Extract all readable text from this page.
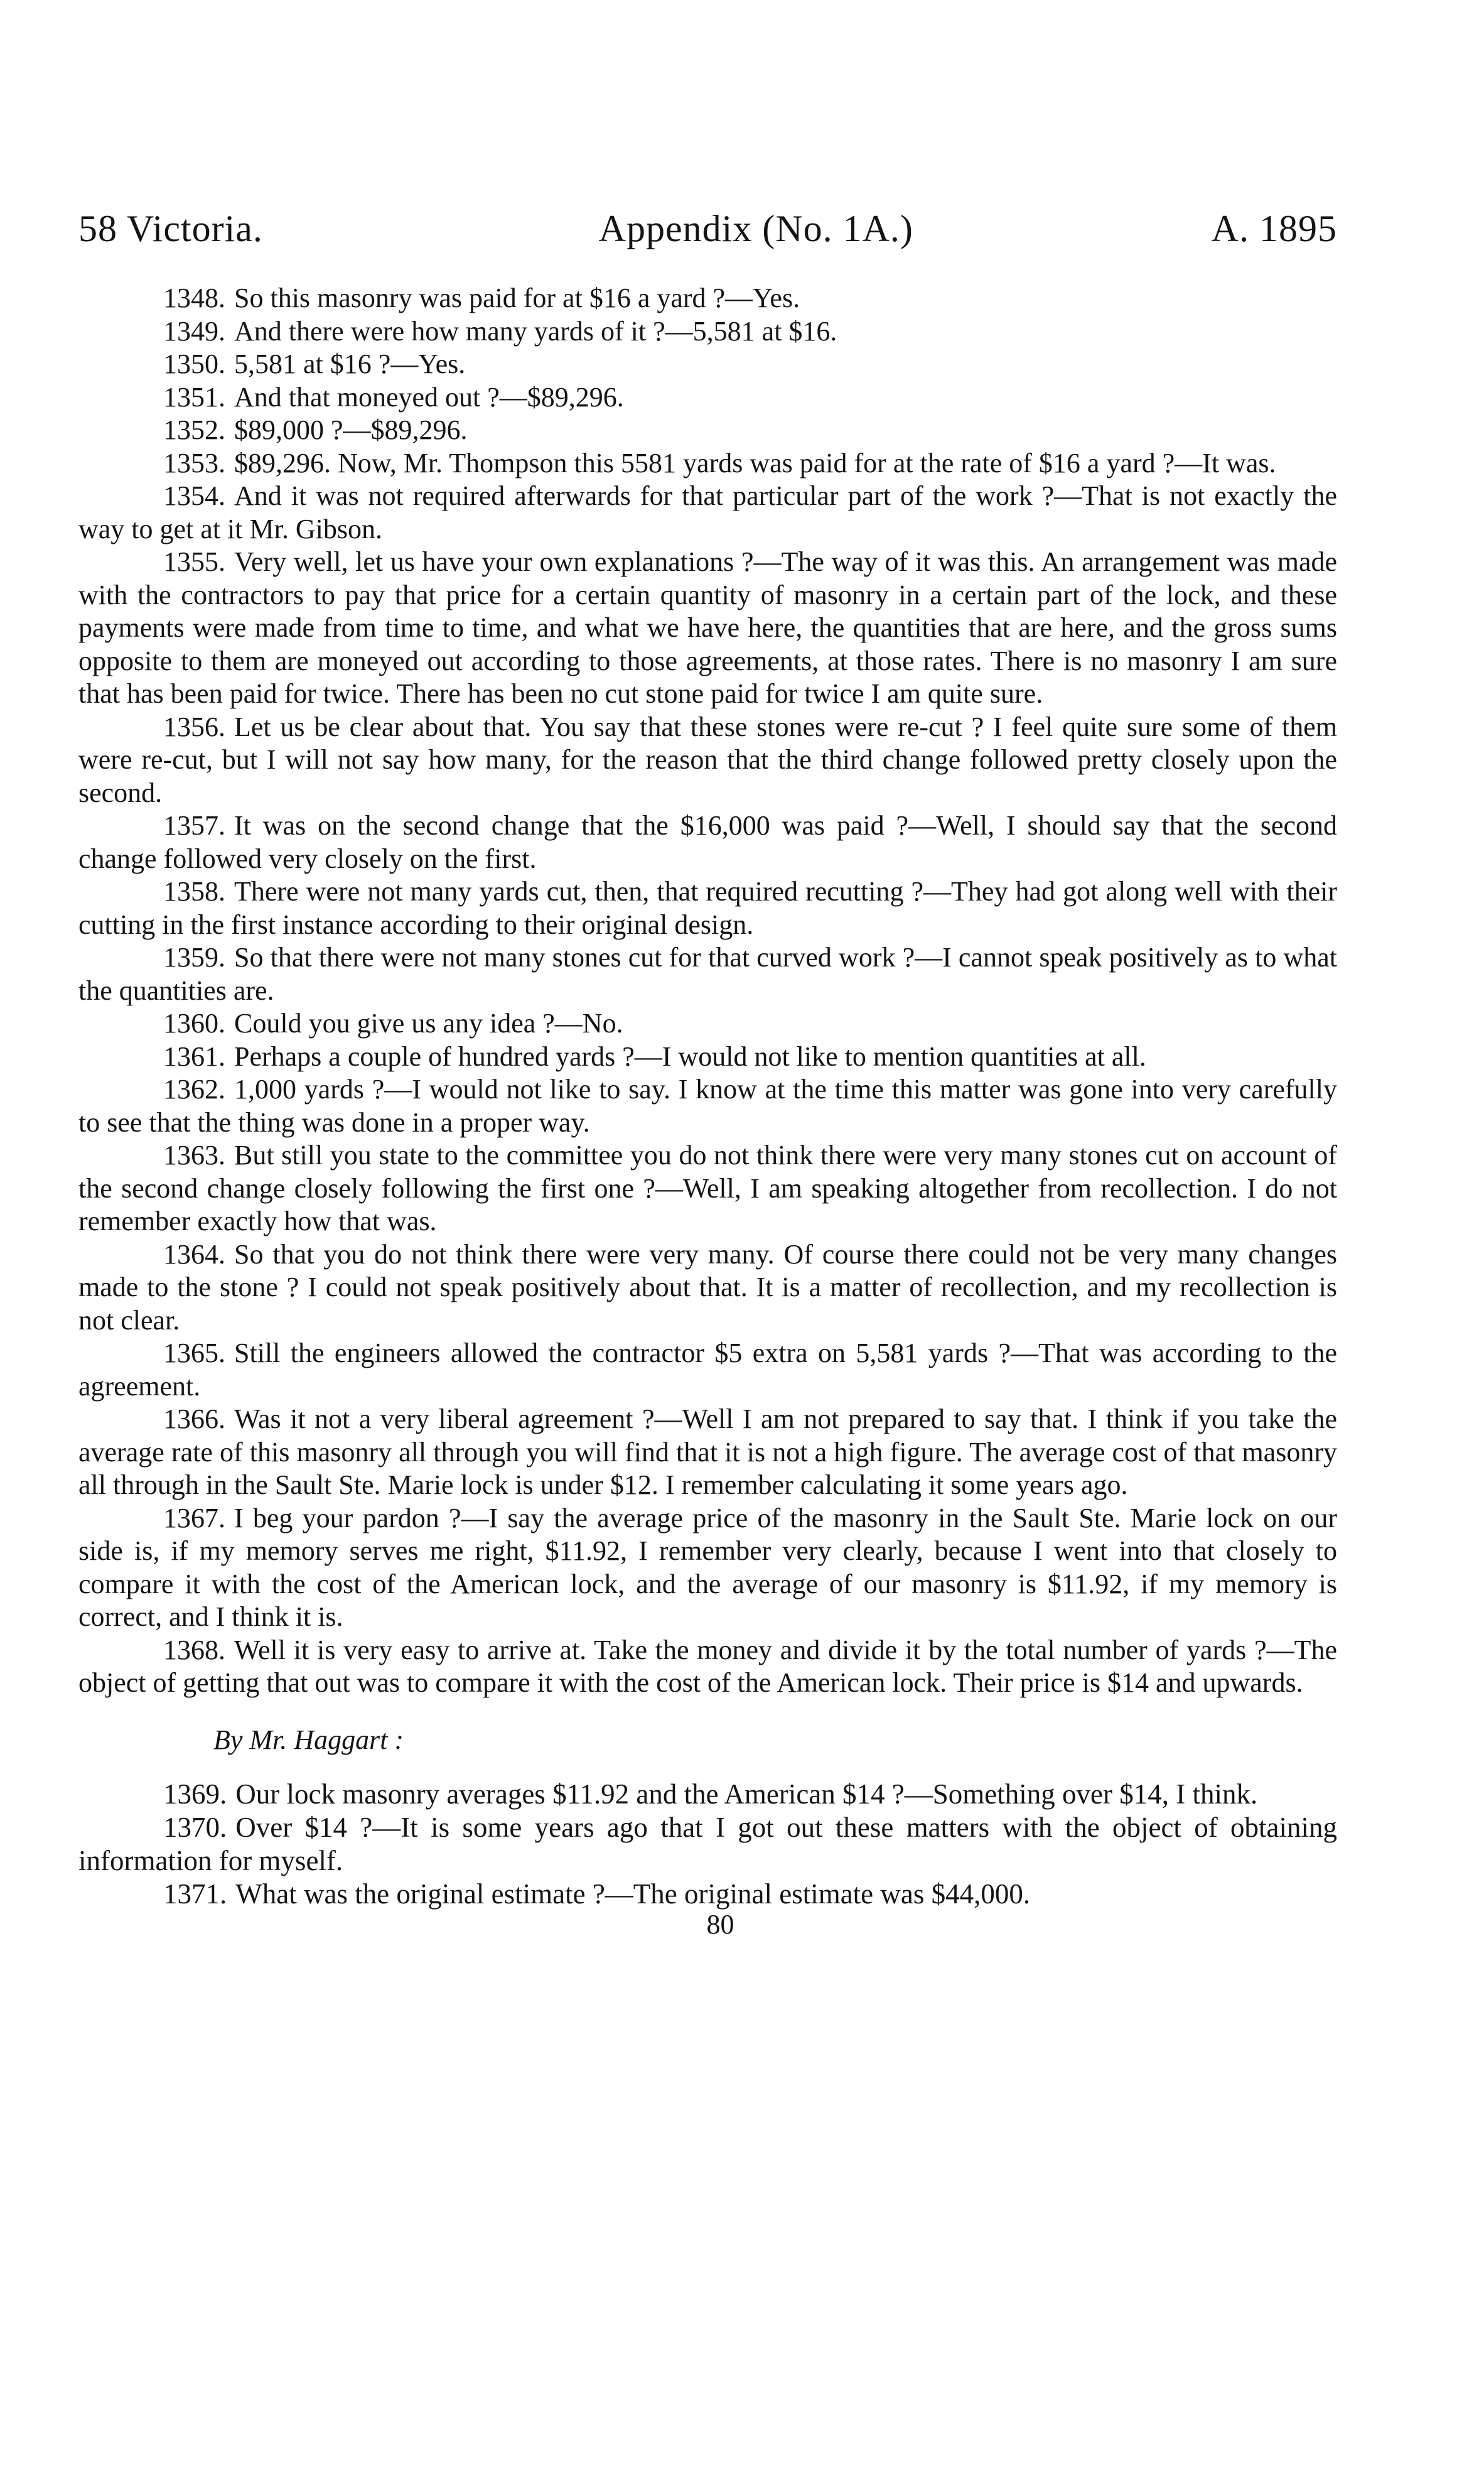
58 Victoria.	Appendix (No. 1A.)	A. 1895

1348. So this masonry was paid for at $16 a yard ?—Yes.

1349. And there were how many yards of it ?—5,581 at $16.

1350. 5,581 at $16 ?—Yes.

1351. And that moneyed out ?—$89,296.

1352. $89,000 ?—$89,296.

1353. $89,296. Now, Mr. Thompson this 5581 yards was paid for at the rate of $16 a yard ?—It was.

1354. And it was not required afterwards for that particular part of the work ?—That is not exactly the way to get at it Mr. Gibson.

1355. Very well, let us have your own explanations ?—The way of it was this. An arrangement was made with the contractors to pay that price for a certain quantity of masonry in a certain part of the lock, and these payments were made from time to time, and what we have here, the quantities that are here, and the gross sums opposite to them are moneyed out according to those agreements, at those rates. There is no masonry I am sure that has been paid for twice. There has been no cut stone paid for twice I am quite sure.

1356. Let us be clear about that. You say that these stones were re-cut ? I feel quite sure some of them were re-cut, but I will not say how many, for the reason that the third change followed pretty closely upon the second.

1357. It was on the second change that the $16,000 was paid ?—Well, I should say that the second change followed very closely on the first.

1358. There were not many yards cut, then, that required recutting ?—They had got along well with their cutting in the first instance according to their original design.

1359. So that there were not many stones cut for that curved work ?—I cannot speak positively as to what the quantities are.

1360. Could you give us any idea ?—No.

1361. Perhaps a couple of hundred yards ?—I would not like to mention quantities at all.

1362. 1,000 yards ?—I would not like to say. I know at the time this matter was gone into very carefully to see that the thing was done in a proper way.

1363. But still you state to the committee you do not think there were very many stones cut on account of the second change closely following the first one ?—Well, I am speaking altogether from recollection. I do not remember exactly how that was.

1364. So that you do not think there were very many. Of course there could not be very many changes made to the stone ? I could not speak positively about that. It is a matter of recollection, and my recollection is not clear.

1365. Still the engineers allowed the contractor $5 extra on 5,581 yards ?—That was according to the agreement.

1366. Was it not a very liberal agreement ?—Well I am not prepared to say that. I think if you take the average rate of this masonry all through you will find that it is not a high figure. The average cost of that masonry all through in the Sault Ste. Marie lock is under $12. I remember calculating it some years ago.

1367. I beg your pardon ?—I say the average price of the masonry in the Sault Ste. Marie lock on our side is, if my memory serves me right, $11.92, I remember very clearly, because I went into that closely to compare it with the cost of the American lock, and the average of our masonry is $11.92, if my memory is correct, and I think it is.

1368. Well it is very easy to arrive at. Take the money and divide it by the total number of yards ?—The object of getting that out was to compare it with the cost of the American lock. Their price is $14 and upwards.

By Mr. Haggart :

1369. Our lock masonry averages $11.92 and the American $14 ?—Something over $14, I think.

1370. Over $14 ?—It is some years ago that I got out these matters with the object of obtaining information for myself.

1371. What was the original estimate ?—The original estimate was $44,000.

80
